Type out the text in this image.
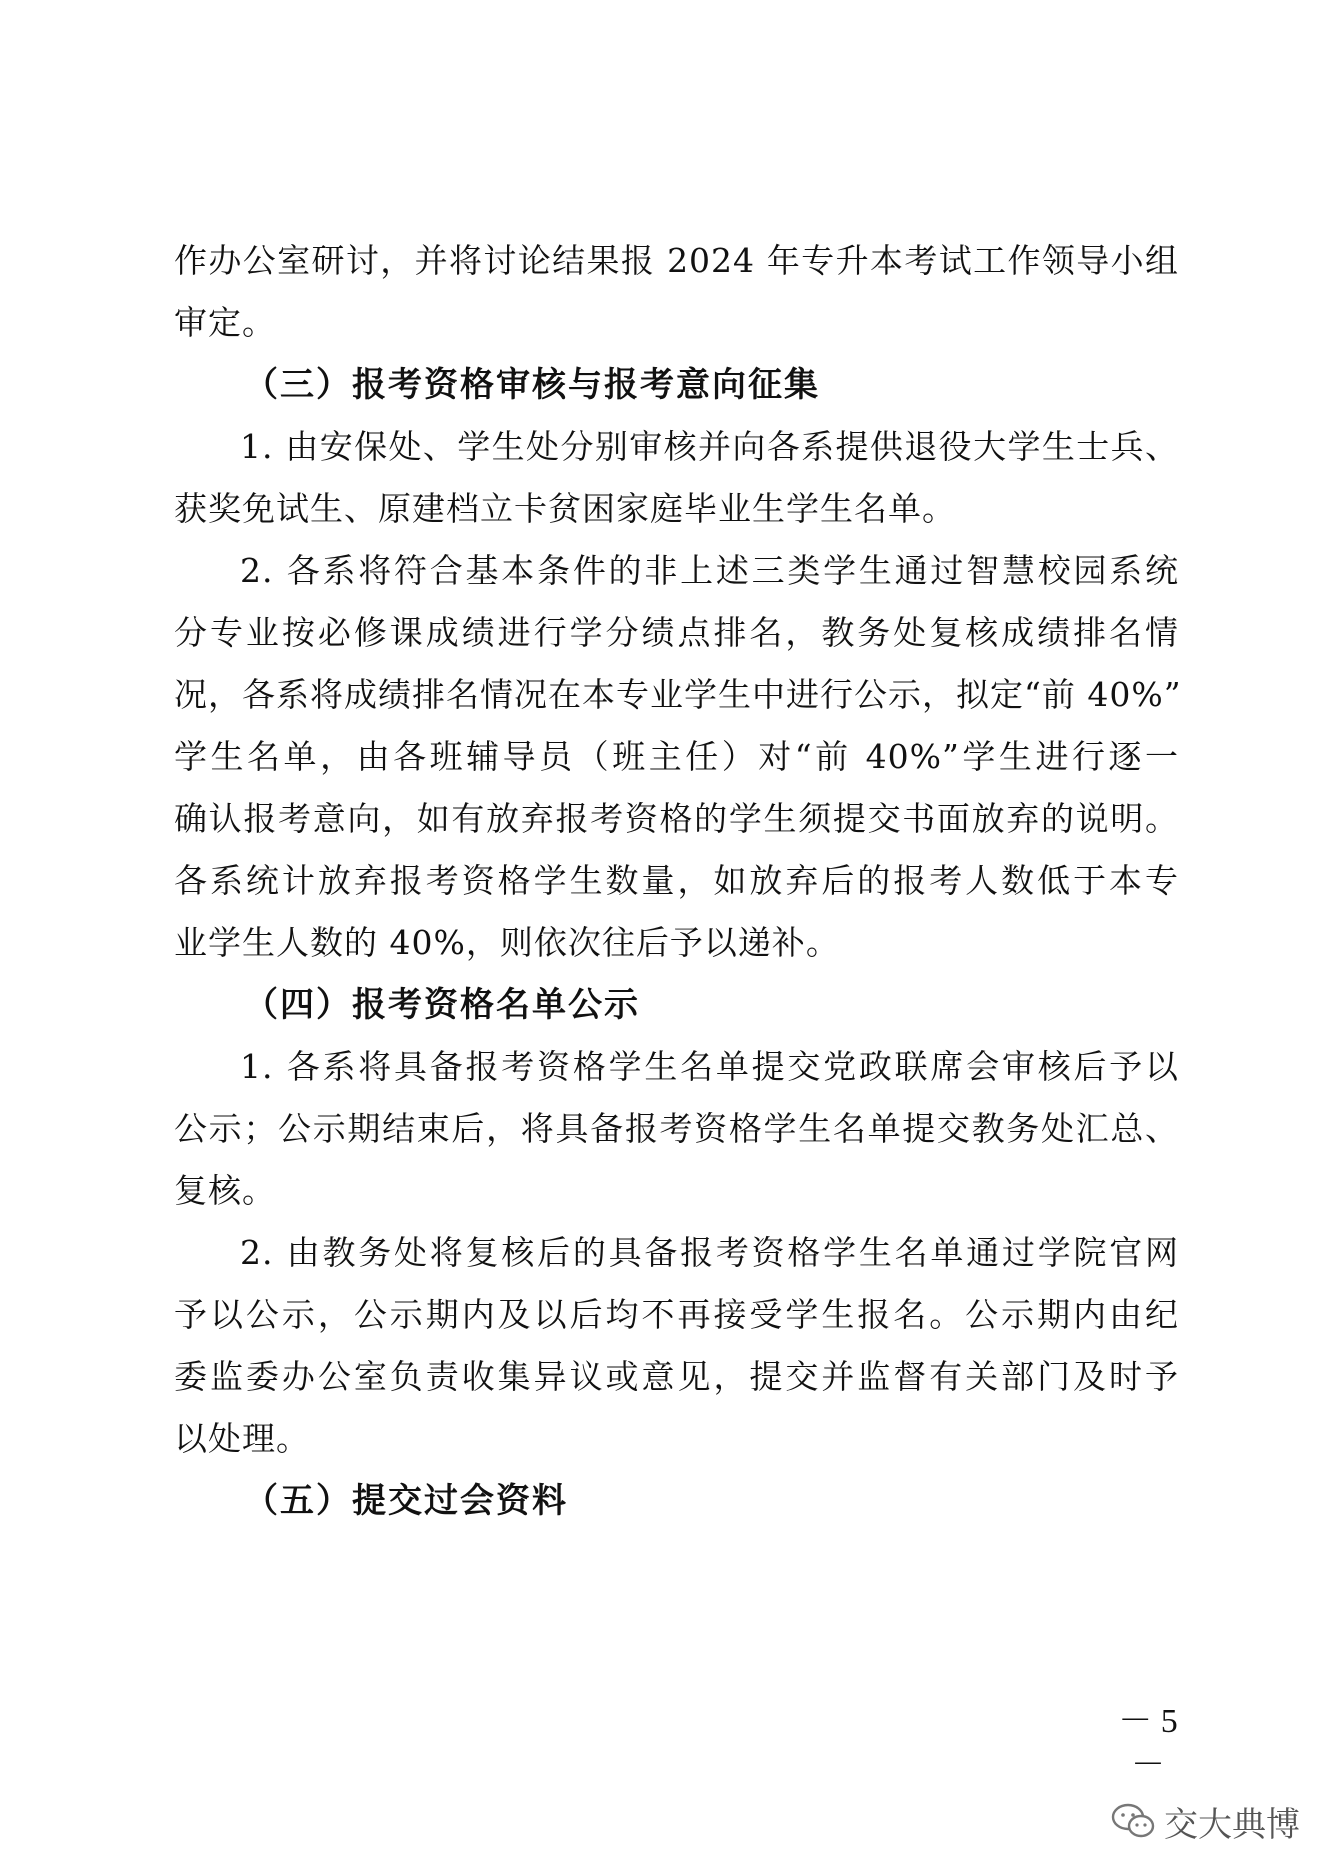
作办公室研讨，并将讨论结果报 2024 年专升本考试工作领导小组
审定。
（三）报考资格审核与报考意向征集
1. 由安保处、学生处分别审核并向各系提供退役大学生士兵、
获奖免试生、原建档立卡贫困家庭毕业生学生名单。
2. 各系将符合基本条件的非上述三类学生通过智慧校园系统
分专业按必修课成绩进行学分绩点排名，教务处复核成绩排名情
况，各系将成绩排名情况在本专业学生中进行公示，拟定“前 40%”
学生名单，由各班辅导员（班主任）对“前 40%”学生进行逐一
确认报考意向，如有放弃报考资格的学生须提交书面放弃的说明。
各系统计放弃报考资格学生数量，如放弃后的报考人数低于本专
业学生人数的 40%，则依次往后予以递补。
（四）报考资格名单公示
1. 各系将具备报考资格学生名单提交党政联席会审核后予以
公示；公示期结束后，将具备报考资格学生名单提交教务处汇总、
复核。
2. 由教务处将复核后的具备报考资格学生名单通过学院官网
予以公示，公示期内及以后均不再接受学生报名。公示期内由纪
委监委办公室负责收集异议或意见，提交并监督有关部门及时予
以处理。
（五）提交过会资料
－ 5 －
交大典博
